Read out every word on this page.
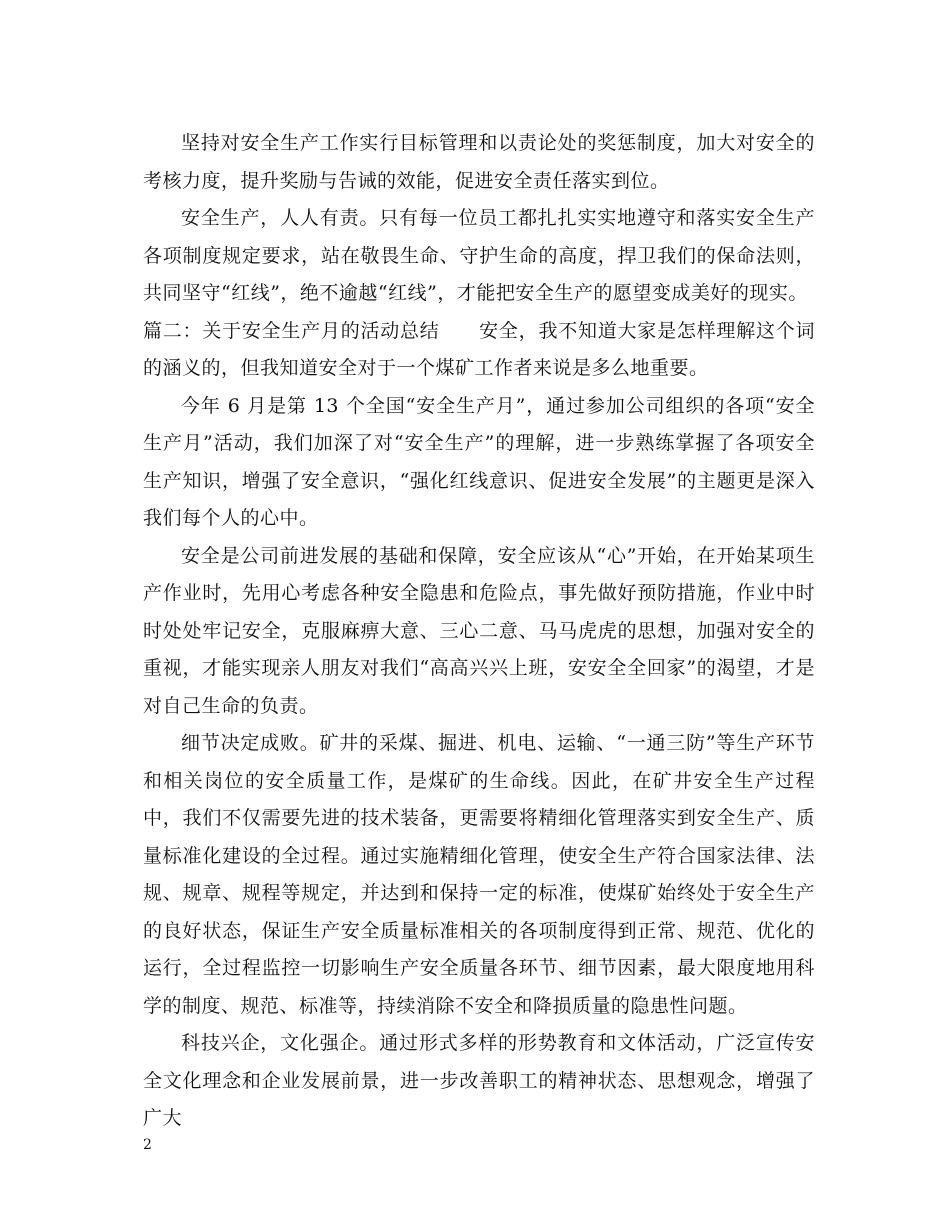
坚持对安全生产工作实行目标管理和以责论处的奖惩制度，加大对安全的考核力度，提升奖励与告诫的效能，促进安全责任落实到位。

安全生产，人人有责。只有每一位员工都扎扎实实地遵守和落实安全生产各项制度规定要求，站在敬畏生命、守护生命的高度，捍卫我们的保命法则，共同坚守“红线”，绝不逾越“红线”，才能把安全生产的愿望变成美好的现实。

篇二：关于安全生产月的活动总结　　安全，我不知道大家是怎样理解这个词的涵义的，但我知道安全对于一个煤矿工作者来说是多么地重要。

今年 6 月是第 13 个全国“安全生产月”，通过参加公司组织的各项“安全生产月”活动，我们加深了对“安全生产”的理解，进一步熟练掌握了各项安全生产知识，增强了安全意识，“强化红线意识、促进安全发展”的主题更是深入我们每个人的心中。

安全是公司前进发展的基础和保障，安全应该从“心”开始，在开始某项生产作业时，先用心考虑各种安全隐患和危险点，事先做好预防措施，作业中时时处处牢记安全，克服麻痹大意、三心二意、马马虎虎的思想，加强对安全的重视，才能实现亲人朋友对我们“高高兴兴上班，安安全全回家”的渴望，才是对自己生命的负责。

细节决定成败。矿井的采煤、掘进、机电、运输、“一通三防”等生产环节和相关岗位的安全质量工作，是煤矿的生命线。因此，在矿井安全生产过程中，我们不仅需要先进的技术装备，更需要将精细化管理落实到安全生产、质量标准化建设的全过程。通过实施精细化管理，使安全生产符合国家法律、法规、规章、规程等规定，并达到和保持一定的标准，使煤矿始终处于安全生产的良好状态，保证生产安全质量标准相关的各项制度得到正常、规范、优化的运行，全过程监控一切影响生产安全质量各环节、细节因素，最大限度地用科学的制度、规范、标准等，持续消除不安全和降损质量的隐患性问题。

科技兴企，文化强企。通过形式多样的形势教育和文体活动，广泛宣传安全文化理念和企业发展前景，进一步改善职工的精神状态、思想观念，增强了广大

2
